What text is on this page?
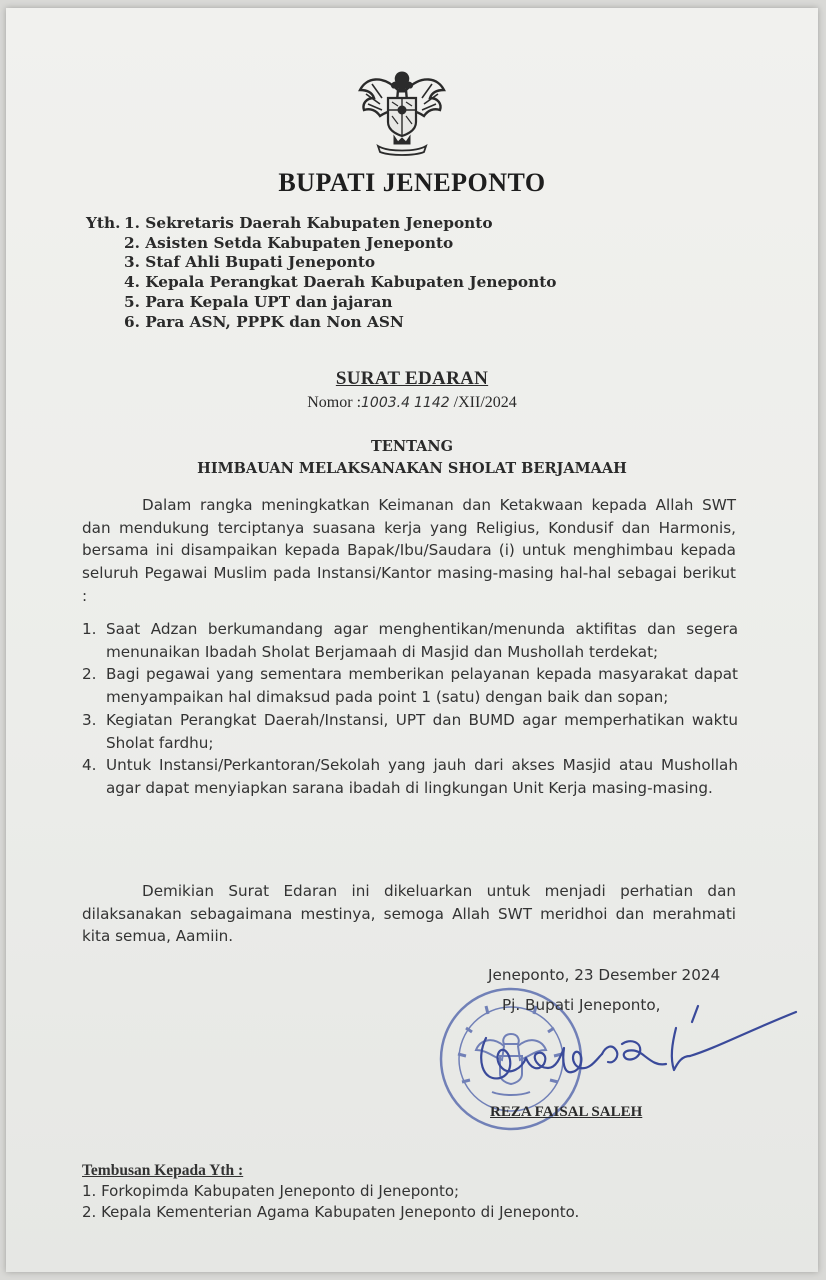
BUPATI JENEPONTO
Yth. 1. Sekretaris Daerah Kabupaten Jeneponto
2. Asisten Setda Kabupaten Jeneponto
3. Staf Ahli Bupati Jeneponto
4. Kepala Perangkat Daerah Kabupaten Jeneponto
5. Para Kepala UPT dan jajaran
6. Para ASN, PPPK dan Non ASN
SURAT EDARAN
Nomor :1003.4  1142  /XII/2024
TENTANG
HIMBAUAN MELAKSANAKAN SHOLAT BERJAMAAH
Dalam rangka meningkatkan Keimanan dan Ketakwaan kepada Allah SWT dan mendukung terciptanya suasana kerja yang Religius, Kondusif dan Harmonis, bersama ini disampaikan kepada Bapak/Ibu/Saudara (i) untuk menghimbau kepada seluruh Pegawai Muslim pada Instansi/Kantor masing-masing hal-hal sebagai berikut :
1. Saat Adzan berkumandang agar menghentikan/menunda aktifitas dan segera menunaikan Ibadah Sholat Berjamaah di Masjid dan Mushollah terdekat;
2. Bagi pegawai yang sementara memberikan pelayanan kepada masyarakat dapat menyampaikan hal dimaksud pada point 1 (satu) dengan baik dan sopan;
3. Kegiatan Perangkat Daerah/Instansi, UPT dan BUMD agar memperhatikan waktu Sholat fardhu;
4. Untuk Instansi/Perkantoran/Sekolah yang jauh dari akses Masjid atau Mushollah agar dapat menyiapkan sarana ibadah di lingkungan Unit Kerja masing-masing.
Demikian Surat Edaran ini dikeluarkan untuk menjadi perhatian dan dilaksanakan sebagaimana mestinya, semoga Allah SWT meridhoi dan merahmati kita semua, Aamiin.
Jeneponto, 23 Desember 2024
Pj. Bupati Jeneponto,
REZA FAISAL SALEH
Tembusan Kepada Yth :
1. Forkopimda Kabupaten Jeneponto di Jeneponto;
2. Kepala Kementerian Agama Kabupaten Jeneponto di Jeneponto.
